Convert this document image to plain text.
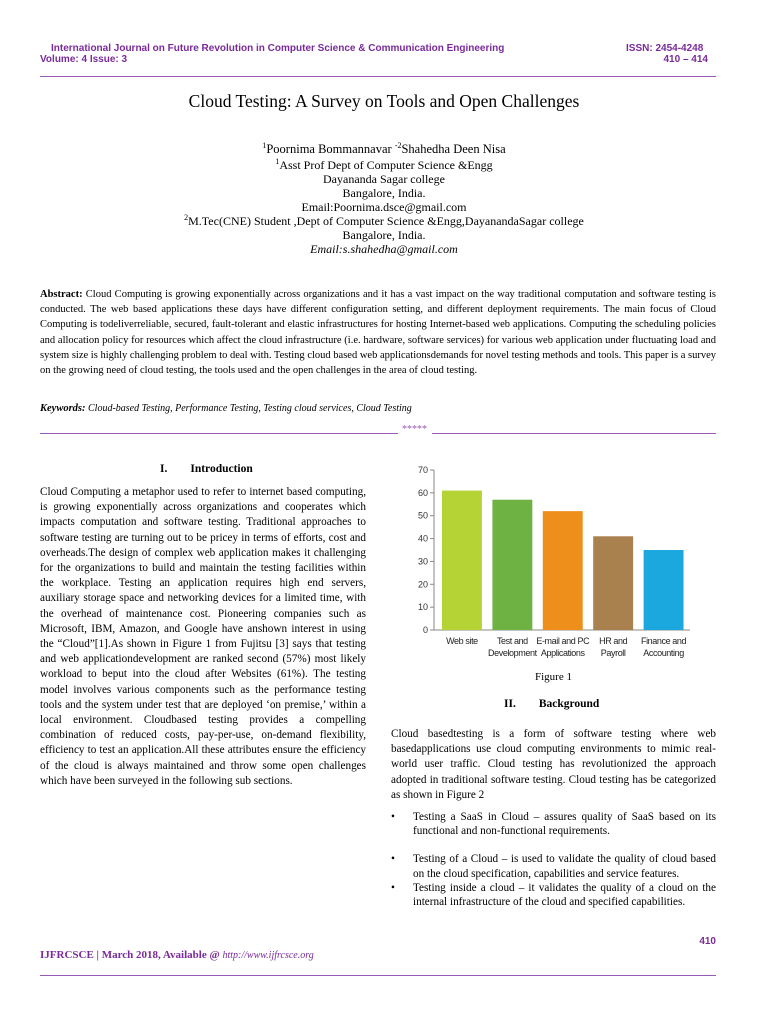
International Journal on Future Revolution in Computer Science & Communication Engineering	ISSN: 2454-4248
Volume: 4 Issue: 3	410 – 414
Cloud Testing: A Survey on Tools and Open Challenges
$^1$Poornima Bommannavar $^{-2}$Shahedha Deen Nisa
$^1$Asst Prof Dept of Computer Science &Engg
Dayananda Sagar college
Bangalore, India.
Email:Poornima.dsce@gmail.com
$^2$M.Tec(CNE) Student ,Dept of Computer Science &Engg,DayanandaSagar college
Bangalore, India.
Email:s.shahedha@gmail.com
Abstract: Cloud Computing is growing exponentially across organizations and it has a vast impact on the way traditional computation and software testing is conducted. The web based applications these days have different configuration setting, and different deployment requirements. The main focus of Cloud Computing is todeliverreliable, secured, fault-tolerant and elastic infrastructures for hosting Internet-based web applications. Computing the scheduling policies and allocation policy for resources which affect the cloud infrastructure (i.e. hardware, software services) for various web application under fluctuating load and system size is highly challenging problem to deal with. Testing cloud based web applicationsdemands for novel testing methods and tools. This paper is a survey on the growing need of cloud testing, the tools used and the open challenges in the area of cloud testing.
Keywords: Cloud-based Testing, Performance Testing, Testing cloud services, Cloud Testing
*****
I.        Introduction
Cloud Computing a metaphor used to refer to internet based computing, is growing exponentially across organizations and cooperates which impacts computation and software testing. Traditional approaches to software testing are turning out to be pricey in terms of efforts, cost and overheads.The design of complex web application makes it challenging for the organizations to build and maintain the testing facilities within the workplace. Testing an application requires high end servers, auxiliary storage space and networking devices for a limited time, with the overhead of maintenance cost. Pioneering companies such as Microsoft, IBM, Amazon, and Google have anshown interest in using the “Cloud”[1].As shown in Figure 1 from Fujitsu [3] says that testing and web applicationdevelopment are ranked second (57%) most likely workload to beput into the cloud after Websites (61%). The testing model involves various components such as the performance testing tools and the system under test that are deployed ‘on premise,’ within a local environment. Cloudbased testing provides a compelling combination of reduced costs, pay-per-use, on-demand flexibility, efficiency to test an application.All these attributes ensure the efficiency of the cloud is always maintained and throw some open challenges which have been surveyed in the following sub sections.
0
10
20
30
40
50
60
70
Web site Test and
Development
E-mail and PC
Applications
HR and
Payroll
Finance and
Accounting
Figure 1
II.        Background
Cloud basedtesting is a form of software testing where web basedapplications use cloud computing environments to mimic real-world user traffic. Cloud testing has revolutionized the approach adopted in traditional software testing. Cloud testing has be categorized as shown in Figure 2
• Testing a SaaS in Cloud – assures quality of SaaS based on its functional and non-functional requirements.
• Testing of a Cloud – is used to validate the quality of cloud based on the cloud specification, capabilities and service features.
• Testing inside a cloud – it validates the quality of a cloud on the internal infrastructure of the cloud and specified capabilities.
410
IJFRCSCE | March 2018, Available @ http://www.ijfrcsce.org
